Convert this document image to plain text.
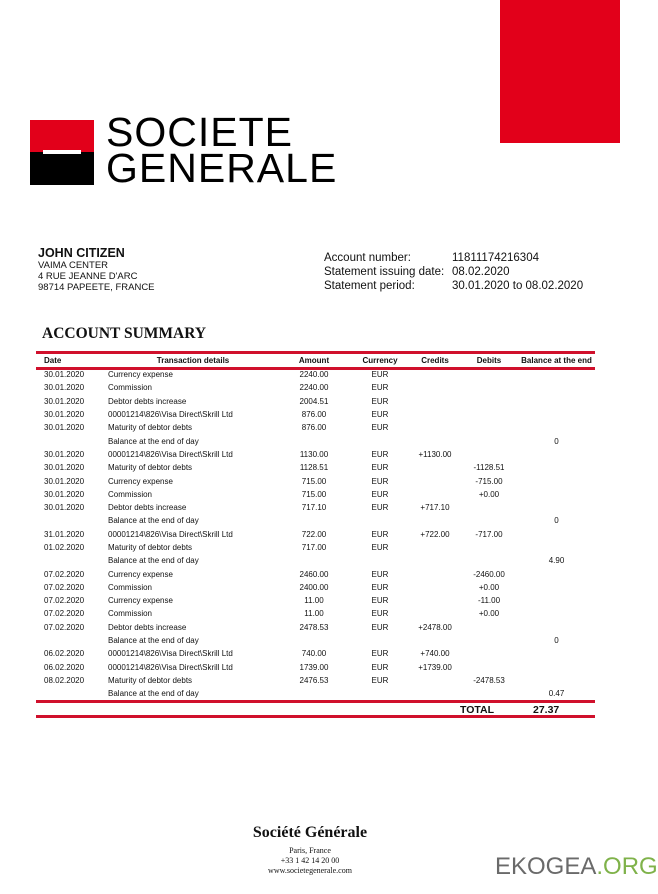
SOCIETE
GENERALE
JOHN CITIZEN
VAIMA CENTER
4 RUE JEANNE D'ARC
98714 PAPEETE, FRANCE
Account number:	11811174216304
Statement issuing date: 08.02.2020
Statement period:	30.01.2020 to 08.02.2020
ACCOUNT SUMMARY
Date	Transaction details	Amount	Currency	Credits	Debits	Balance at the end
30.01.2020	Currency expense	2240.00	EUR			
30.01.2020	Commission	2240.00	EUR			
30.01.2020	Debtor debts increase	2004.51	EUR			
30.01.2020	00001214\826\Visa Direct\Skrill Ltd	876.00	EUR			
30.01.2020	Maturity of debtor debts	876.00	EUR			
	Balance at the end of day					0
30.01.2020	00001214\826\Visa Direct\Skrill Ltd	1130.00	EUR	+1130.00		
30.01.2020	Maturity of debtor debts	1128.51	EUR		-1128.51	
30.01.2020	Currency expense	715.00	EUR		-715.00	
30.01.2020	Commission	715.00	EUR		+0.00	
30.01.2020	Debtor debts increase	717.10	EUR	+717.10		
	Balance at the end of day					0
31.01.2020	00001214\826\Visa Direct\Skrill Ltd	722.00	EUR	+722.00	-717.00	
01.02.2020	Maturity of debtor debts	717.00	EUR			
	Balance at the end of day					4.90
07.02.2020	Currency expense	2460.00	EUR		-2460.00	
07.02.2020	Commission	2400.00	EUR		+0.00	
07.02.2020	Currency expense	11.00	EUR		-11.00	
07.02.2020	Commission	11.00	EUR		+0.00	
07.02.2020	Debtor debts increase	2478.53	EUR	+2478.00		
	Balance at the end of day					0
06.02.2020	00001214\826\Visa Direct\Skrill Ltd	740.00	EUR	+740.00		
06.02.2020	00001214\826\Visa Direct\Skrill Ltd	1739.00	EUR	+1739.00		
08.02.2020	Maturity of debtor debts	2476.53	EUR		-2478.53	
	Balance at the end of day					0.47
TOTAL	27.37
Société Générale
Paris, France
+33 1 42 14 20 00
www.societegenerale.com	EKOGEA.ORG
